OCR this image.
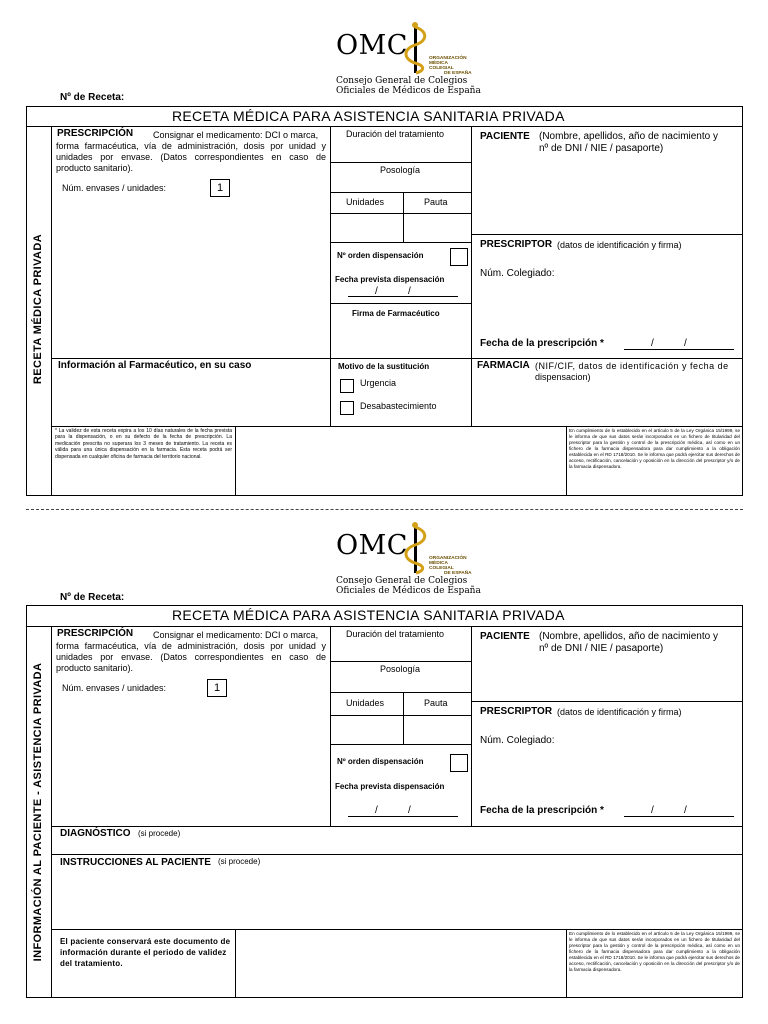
OMC	ORGANIZACIÓN
MÉDICA
COLEGIAL
DE ESPAÑA
Consejo General de Colegios
Oficiales de Médicos de España
Nº de Receta:
RECETA MÉDICA PARA ASISTENCIA SANITARIA PRIVADA
RECETA MÉDICA PRIVADA
PRESCRIPCIÓN Consignar el medicamento: DCI o marca,
forma farmacéutica, vía de administración, dosis por unidad y unidades por envase. (Datos correspondientes en caso de producto sanitario).
Núm. envases / unidades:	1
Duración del tratamiento
Posología
Unidades	Pauta
Nº orden dispensación
Fecha prevista dispensación
/	/
Firma de Farmacéutico
PACIENTE (Nombre, apellidos, año de nacimiento y
nº de DNI / NIE / pasaporte)
PRESCRIPTOR (datos de identificación y firma)
Núm. Colegiado:
Fecha de la prescripción *	/	/
Información al Farmacéutico, en su caso	Motivo de la sustitución
Urgencia
Desabastecimiento
FARMACIA (NIF/CIF, datos de identificación y fecha de
dispensacion)
* La validez de esta receta expira a los 10 días naturales de la fecha prevista para la dispensación, o en su defecto de la fecha de prescripción. La medicación prescrita no superara los 3 meses de tratamiento. La receta es válida para una única dispensación en la farmacia. Esta receta podrá ser dispensada en cualquier oficina de farmacia del territorio nacional.
En cumplimiento de lo establecido en el artículo 5 de la Ley Orgánica 15/1999, se le informa de que sus datos serán incorporados en un fichero de titularidad del prescriptor para la gestión y control de la prescripción médica, así como en un fichero de la farmacia dispensadora para dar cumplimiento a la obligación establecida en el RD 1718/2010. Se le informa que podrá ejercitar sus derechos de acceso, rectificación, cancelación y oposición en la dirección del prescriptor y/o de la farmacia dispensadora.
OMC	ORGANIZACIÓN
MÉDICA
COLEGIAL
DE ESPAÑA
Consejo General de Colegios
Oficiales de Médicos de España
Nº de Receta:
RECETA MÉDICA PARA ASISTENCIA SANITARIA PRIVADA
INFORMACIÓN AL PACIENTE - ASISTENCIA PRIVADA
PRESCRIPCIÓN Consignar el medicamento: DCI o marca,
forma farmacéutica, vía de administración, dosis por unidad y unidades por envase. (Datos correspondientes en caso de producto sanitario).
Núm. envases / unidades:	1
Duración del tratamiento
Posología
Unidades	Pauta
Nº orden dispensación
Fecha prevista dispensación
/	/
PACIENTE (Nombre, apellidos, año de nacimiento y
nº de DNI / NIE / pasaporte)
PRESCRIPTOR (datos de identificación y firma)
Núm. Colegiado:
Fecha de la prescripción *	/	/
DIAGNÓSTICO (si procede)
INSTRUCCIONES AL PACIENTE (si procede)
El paciente conservará este documento de información durante el periodo de validez del tratamiento.
En cumplimiento de lo establecido en el artículo 5 de la Ley Orgánica 15/1999, se le informa de que sus datos serán incorporados en un fichero de titularidad del prescriptor para la gestión y control de la prescripción médica, así como en un fichero de la farmacia dispensadora para dar cumplimiento a la obligación establecida en el RD 1718/2010. Se le informa que podrá ejercitar sus derechos de acceso, rectificación, cancelación y oposición en la dirección del prescriptor y/o de la farmacia dispensadora.
